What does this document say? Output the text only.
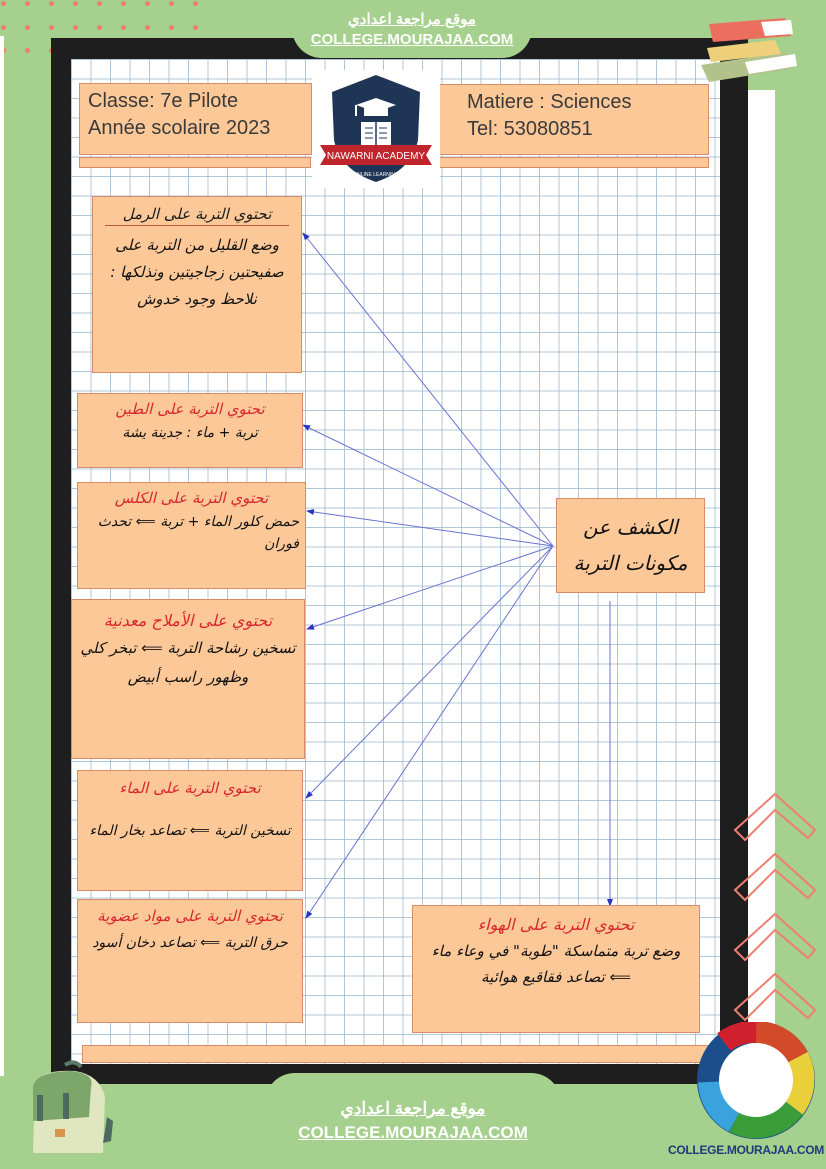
Classe: 7e Pilote
Année scolaire 2023
Matiere : Sciences
Tel: 53080851
NAWARNI ACADEMY
ONLINE LEARNING
تحتوي التربة على الرمل
وضع القليل من التربة على صفيحتين زجاجيتين ونذلكها : نلاحظ وجود خدوش
تحتوي التربة على الطين
تربة + ماء : جدينة يشة
تحتوي التربة على الكلس
حمض كلور الماء + تربة ⟸ تحدث فوران
تحتوي على الأملاح معدنية
تسخين رشاحة التربة ⟸ تبخر كلي وظهور راسب أبيض
تحتوي التربة على الماء
تسخين التربة ⟸ تصاعد بخار الماء
تحتوي التربة على مواد عضوية
حرق التربة ⟸ تصاعد دخان أسود
الكشف عن مكونات التربة
تحتوي التربة على الهواء
وضع تربة متماسكة "طوبة" في وعاء ماء ⟸ تصاعد فقاقيع هوائية
موقع مراجعة اعدادي
COLLEGE.MOURAJAA.COM
موقع مراجعة اعدادي
COLLEGE.MOURAJAA.COM
COLLEGE.MOURAJAA.COM
